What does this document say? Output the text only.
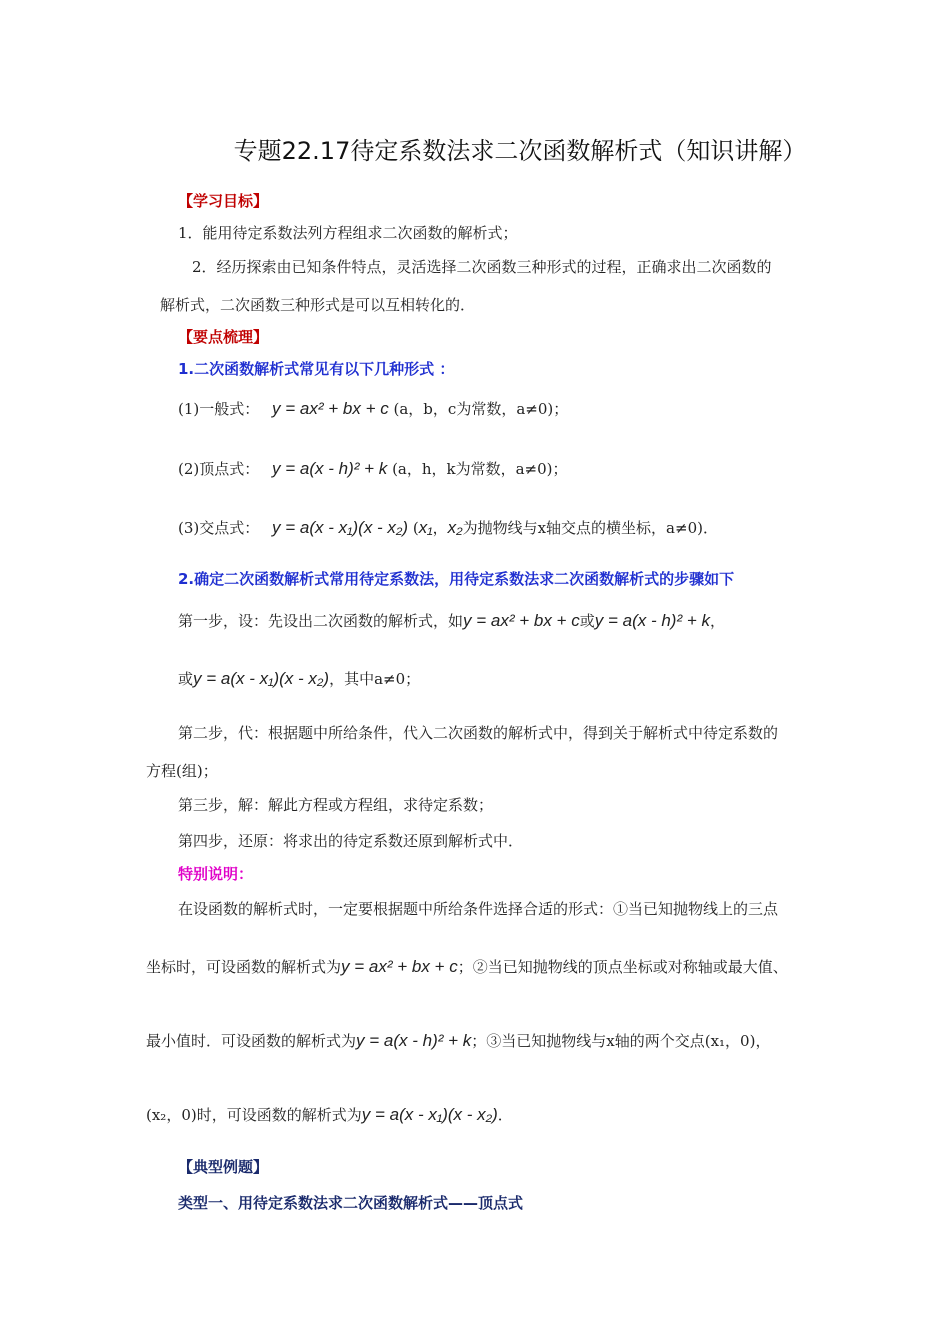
专题22.17待定系数法求二次函数解析式（知识讲解）
【学习目标】
1．能用待定系数法列方程组求二次函数的解析式；
2．经历探索由已知条件特点，灵活选择二次函数三种形式的过程，正确求出二次函数的
解析式，二次函数三种形式是可以互相转化的．
【要点梳理】
1.二次函数解析式常见有以下几种形式 ：
(1)一般式： y = ax² + bx + c (a，b，c为常数，a≠0)；
(2)顶点式： y = a(x - h)² + k (a，h，k为常数，a≠0)；
(3)交点式： y = a(x - x₁)(x - x₂) (x₁，x₂为抛物线与x轴交点的横坐标，a≠0)．
2.确定二次函数解析式常用待定系数法，用待定系数法求二次函数解析式的步骤如下
第一步，设：先设出二次函数的解析式，如y = ax² + bx + c或y = a(x - h)² + k，
或y = a(x - x₁)(x - x₂)，其中a≠0；
第二步，代：根据题中所给条件，代入二次函数的解析式中，得到关于解析式中待定系数的
方程(组)；
第三步，解：解此方程或方程组，求待定系数；
第四步，还原：将求出的待定系数还原到解析式中．
特别说明：
在设函数的解析式时，一定要根据题中所给条件选择合适的形式：①当已知抛物线上的三点
坐标时，可设函数的解析式为y = ax² + bx + c；②当已知抛物线的顶点坐标或对称轴或最大值、
最小值时．可设函数的解析式为y = a(x - h)² + k；③当已知抛物线与x轴的两个交点(x₁，0)，
(x₂，0)时，可设函数的解析式为y = a(x - x₁)(x - x₂)．
【典型例题】
类型一、用待定系数法求二次函数解析式——顶点式
